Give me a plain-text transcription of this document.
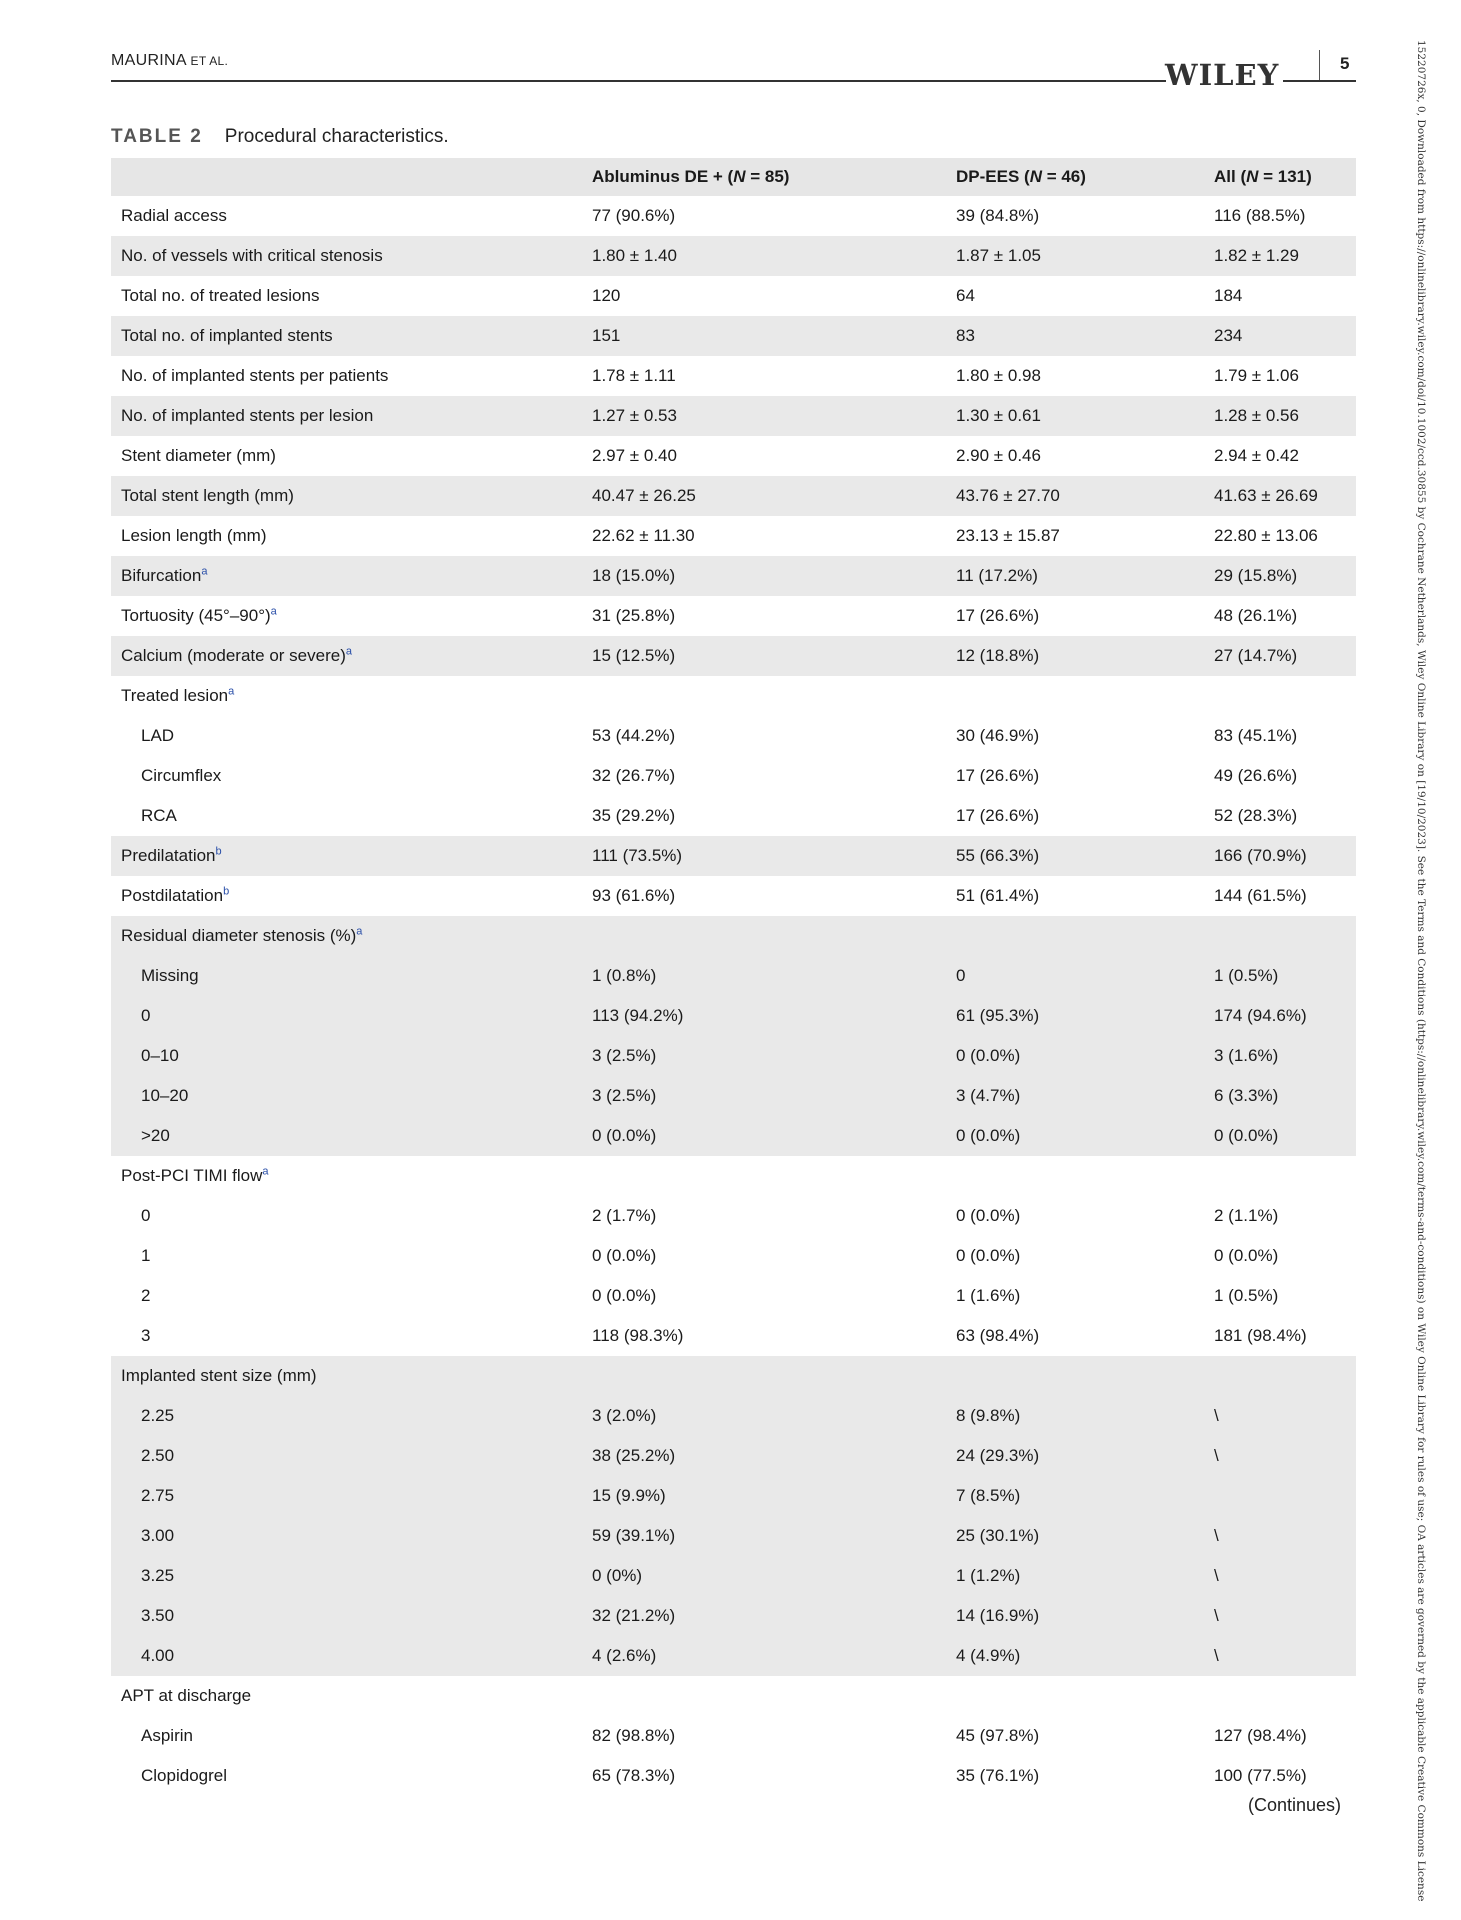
MAURINA ET AL.	5
WILEY
TABLE 2 Procedural characteristics.
	Abluminus DE + (N = 85)	DP-EES (N = 46)	All (N = 131)
Radial access	77 (90.6%)	39 (84.8%)	116 (88.5%)
No. of vessels with critical stenosis	1.80 ± 1.40	1.87 ± 1.05	1.82 ± 1.29
Total no. of treated lesions	120	64	184
Total no. of implanted stents	151	83	234
No. of implanted stents per patients	1.78 ± 1.11	1.80 ± 0.98	1.79 ± 1.06
No. of implanted stents per lesion	1.27 ± 0.53	1.30 ± 0.61	1.28 ± 0.56
Stent diameter (mm)	2.97 ± 0.40	2.90 ± 0.46	2.94 ± 0.42
Total stent length (mm)	40.47 ± 26.25	43.76 ± 27.70	41.63 ± 26.69
Lesion length (mm)	22.62 ± 11.30	23.13 ± 15.87	22.80 ± 13.06
Bifurcation$^a$	18 (15.0%)	11 (17.2%)	29 (15.8%)
Tortuosity (45°–90°)$^a$	31 (25.8%)	17 (26.6%)	48 (26.1%)
Calcium (moderate or severe)$^a$	15 (12.5%)	12 (18.8%)	27 (14.7%)
Treated lesion$^a$			
LAD	53 (44.2%)	30 (46.9%)	83 (45.1%)
Circumflex	32 (26.7%)	17 (26.6%)	49 (26.6%)
RCA	35 (29.2%)	17 (26.6%)	52 (28.3%)
Predilatation$^b$	111 (73.5%)	55 (66.3%)	166 (70.9%)
Postdilatation$^b$	93 (61.6%)	51 (61.4%)	144 (61.5%)
Residual diameter stenosis (%)$^a$			
Missing	1 (0.8%)	0	1 (0.5%)
0	113 (94.2%)	61 (95.3%)	174 (94.6%)
0–10	3 (2.5%)	0 (0.0%)	3 (1.6%)
10–20	3 (2.5%)	3 (4.7%)	6 (3.3%)
>20	0 (0.0%)	0 (0.0%)	0 (0.0%)
Post-PCI TIMI flow$^a$			
0	2 (1.7%)	0 (0.0%)	2 (1.1%)
1	0 (0.0%)	0 (0.0%)	0 (0.0%)
2	0 (0.0%)	1 (1.6%)	1 (0.5%)
3	118 (98.3%)	63 (98.4%)	181 (98.4%)
Implanted stent size (mm)			
2.25	3 (2.0%)	8 (9.8%)	\
2.50	38 (25.2%)	24 (29.3%)	\
2.75	15 (9.9%)	7 (8.5%)	
3.00	59 (39.1%)	25 (30.1%)	\
3.25	0 (0%)	1 (1.2%)	\
3.50	32 (21.2%)	14 (16.9%)	\
4.00	4 (2.6%)	4 (4.9%)	\
APT at discharge			
Aspirin	82 (98.8%)	45 (97.8%)	127 (98.4%)
Clopidogrel	65 (78.3%)	35 (76.1%)	100 (77.5%)
(Continues)	15220726x, 0, Downloaded from https://onlinelibrary.wiley.com/doi/10.1002/ccd.30855 by Cochrane Netherlands, Wiley Online Library on [19/10/2023]. See the Terms and Conditions (https://onlinelibrary.wiley.com/terms-and-conditions) on Wiley Online Library for rules of use; OA articles are governed by the applicable Creative Commons License
